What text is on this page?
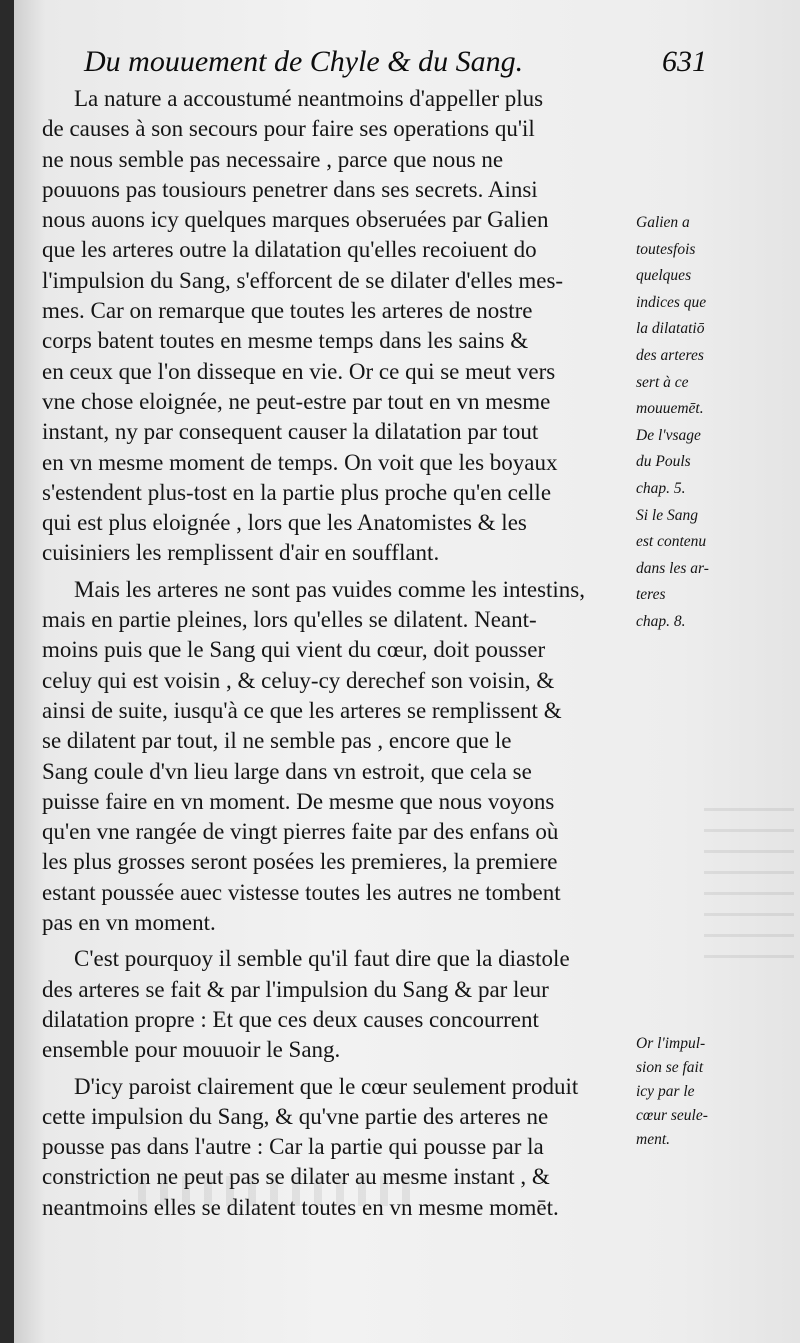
Du mouuement de Chyle & du Sang.	631
La nature a accoustumé neantmoins d'appeller plus
de causes à son secours pour faire ses operations qu'il
ne nous semble pas necessaire , parce que nous ne
pouuons pas tousiours penetrer dans ses secrets. Ainsi
nous auons icy quelques marques obseruées par Galien
que les arteres outre la dilatation qu'elles recoiuent do
l'impulsion du Sang, s'efforcent de se dilater d'elles mes-
mes. Car on remarque que toutes les arteres de nostre
corps batent toutes en mesme temps dans les sains &
en ceux que l'on disseque en vie. Or ce qui se meut vers
vne chose eloignée, ne peut-estre par tout en vn mesme
instant, ny par consequent causer la dilatation par tout
en vn mesme moment de temps. On voit que les boyaux
s'estendent plus-tost en la partie plus proche qu'en celle
qui est plus eloignée , lors que les Anatomistes & les
cuisiniers les remplissent d'air en soufflant.
Mais les arteres ne sont pas vuides comme les intestins,
mais en partie pleines, lors qu'elles se dilatent. Neant-
moins puis que le Sang qui vient du cœur, doit pousser
celuy qui est voisin , & celuy-cy derechef son voisin, &
ainsi de suite, iusqu'à ce que les arteres se remplissent &
se dilatent par tout, il ne semble pas , encore que le
Sang coule d'vn lieu large dans vn estroit, que cela se
puisse faire en vn moment. De mesme que nous voyons
qu'en vne rangée de vingt pierres faite par des enfans où
les plus grosses seront posées les premieres, la premiere
estant poussée auec vistesse toutes les autres ne tombent
pas en vn moment.
C'est pourquoy il semble qu'il faut dire que la diastole
des arteres se fait & par l'impulsion du Sang & par leur
dilatation propre : Et que ces deux causes concourrent
ensemble pour mouuoir le Sang.
D'icy paroist clairement que le cœur seulement produit
cette impulsion du Sang, & qu'vne partie des arteres ne
pousse pas dans l'autre : Car la partie qui pousse par la
constriction ne peut pas se dilater au mesme instant , &
neantmoins elles se dilatent toutes en vn mesme momēt.
Galien a
toutesfois
quelques
indices que
la dilatatiō
des arteres
sert à ce
mouuemēt.
De l'vsage
du Pouls
chap. 5.
Si le Sang
est contenu
dans les ar-
teres
chap. 8.
Or l'impul-
sion se fait
icy par le
cœur seule-
ment.
